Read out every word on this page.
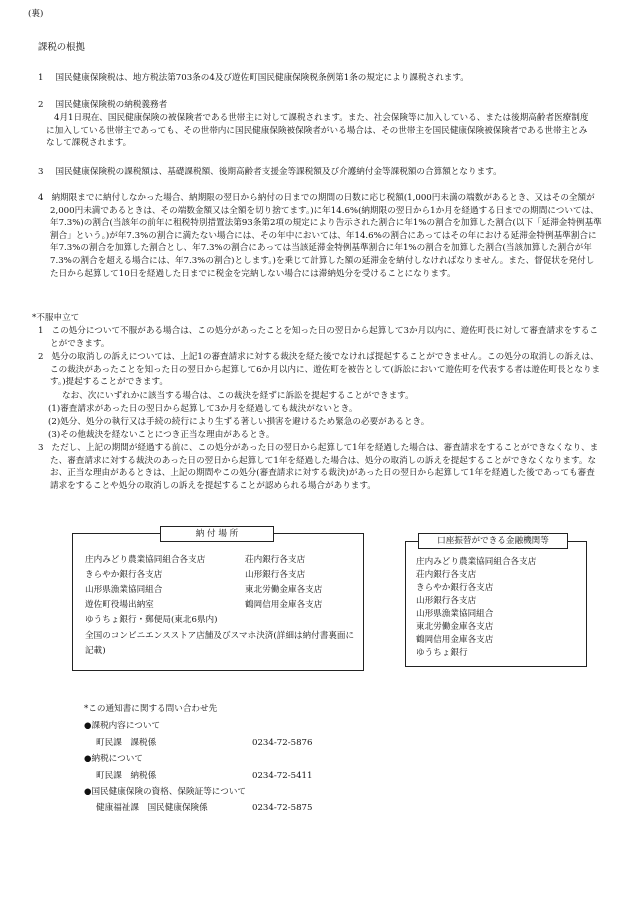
(裏)
課税の根拠
1 国民健康保険税は、地方税法第703条の4及び遊佐町国民健康保険税条例第1条の規定により課税されます。
2 国民健康保険税の納税義務者
4月1日現在、国民健康保険の被保険者である世帯主に対して課税されます。また、社会保険等に加入している、または後期高齢者医療制度に加入している世帯主であっても、その世帯内に国民健康保険被保険者がいる場合は、その世帯主を国民健康保険被保険者である世帯主とみなして課税されます。
3 国民健康保険税の課税額は、基礎課税額、後期高齢者支援金等課税額及び介護納付金等課税額の合算額となります。
4 納期限までに納付しなかった場合、納期限の翌日から納付の日までの期間の日数に応じ税額(1,000円未満の端数があるとき、又はその全額が2,000円未満であるときは、その端数金額又は全額を切り捨てます。)に年14.6%(納期限の翌日から1か月を経過する日までの期間については、年7.3%)の割合(当該年の前年に租税特別措置法第93条第2項の規定により告示された割合に年1%の割合を加算した割合(以下「延滞金特例基準割合」という。)が年7.3%の割合に満たない場合には、その年中においては、年14.6%の割合にあってはその年における延滞金特例基準割合に年7.3%の割合を加算した割合とし、年7.3%の割合にあっては当該延滞金特例基準割合に年1%の割合を加算した割合(当該加算した割合が年7.3%の割合を超える場合には、年7.3%の割合)とします。)を乗じて計算した額の延滞金を納付しなければなりません。また、督促状を発付した日から起算して10日を経過した日までに税金を完納しない場合には滞納処分を受けることになります。
*不服申立て
1 この処分について不服がある場合は、この処分があったことを知った日の翌日から起算して3か月以内に、遊佐町長に対して審査請求をすることができます。
2 処分の取消しの訴えについては、上記1の審査請求に対する裁決を経た後でなければ提起することができません。この処分の取消しの訴えは、この裁決があったことを知った日の翌日から起算して6か月以内に、遊佐町を被告として(訴訟において遊佐町を代表する者は遊佐町長となります。)提起することができます。
なお、次にいずれかに該当する場合は、この裁決を経ずに訴訟を提起することができます。
(1)審査請求があった日の翌日から起算して3か月を経過しても裁決がないとき。
(2)処分、処分の執行又は手続の続行により生ずる著しい損害を避けるため緊急の必要があるとき。
(3)その他裁決を経ないことにつき正当な理由があるとき。
3 ただし、上記の期間が経過する前に、この処分があった日の翌日から起算して1年を経過した場合は、審査請求をすることができなくなり、また、審査請求に対する裁決のあった日の翌日から起算して1年を経過した場合は、処分の取消しの訴えを提起することができなくなります。なお、正当な理由があるときは、上記の期間やこの処分(審査請求に対する裁決)があった日の翌日から起算して1年を経過した後であっても審査請求をすることや処分の取消しの訴えを提起することが認められる場合があります。
庄内みどり農業協同組合各支店
きらやか銀行各支店
山形県漁業協同組合
遊佐町役場出納室
荘内銀行各支店
山形銀行各支店
東北労働金庫各支店
鶴岡信用金庫各支店
ゆうちょ銀行・郵便局(東北6県内)
全国のコンビニエンスストア店舗及びスマホ決済(詳細は納付書裏面に記載)
納 付 場 所
庄内みどり農業協同組合各支店
荘内銀行各支店
きらやか銀行各支店
山形銀行各支店
山形県漁業協同組合
東北労働金庫各支店
鶴岡信用金庫各支店
ゆうちょ銀行
口座振替ができる金融機関等
*この通知書に関する問い合わせ先
●課税内容について
町民課　課税係	0234-72-5876
●納税について
町民課　納税係	0234-72-5411
●国民健康保険の資格、保険証等について
健康福祉課　国民健康保険係	0234-72-5875
